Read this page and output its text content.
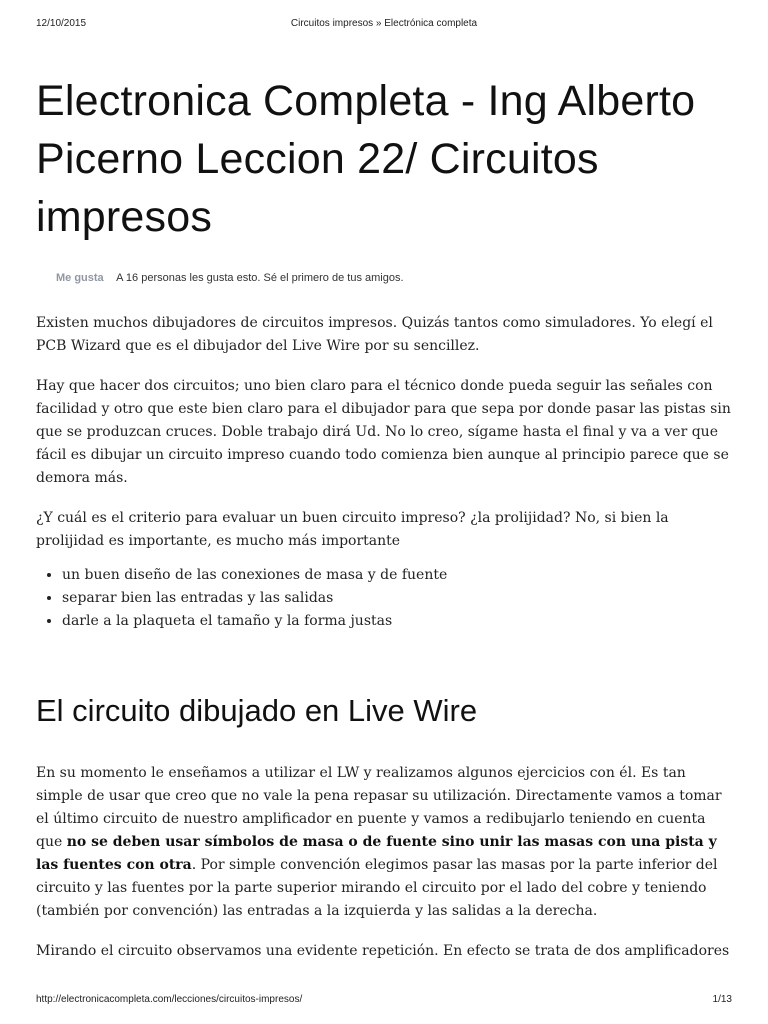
12/10/2015	Circuitos impresos » Electrónica completa
Electronica Completa - Ing Alberto Picerno Leccion 22/ Circuitos impresos
Me gusta A 16 personas les gusta esto. Sé el primero de tus amigos.

Existen muchos dibujadores de circuitos impresos. Quizás tantos como simuladores. Yo elegí el PCB Wizard que es el dibujador del Live Wire por su sencillez.

Hay que hacer dos circuitos; uno bien claro para el técnico donde pueda seguir las señales con facilidad y otro que este bien claro para el dibujador para que sepa por donde pasar las pistas sin que se produzcan cruces. Doble trabajo dirá Ud. No lo creo, sígame hasta el final y va a ver que fácil es dibujar un circuito impreso cuando todo comienza bien aunque al principio parece que se demora más.

¿Y cuál es el criterio para evaluar un buen circuito impreso? ¿la prolijidad? No, si bien la prolijidad es importante, es mucho más importante

• un buen diseño de las conexiones de masa y de fuente
• separar bien las entradas y las salidas
• darle a la plaqueta el tamaño y la forma justas
El circuito dibujado en Live Wire

En su momento le enseñamos a utilizar el LW y realizamos algunos ejercicios con él. Es tan simple de usar que creo que no vale la pena repasar su utilización. Directamente vamos a tomar el último circuito de nuestro amplificador en puente y vamos a redibujarlo teniendo en cuenta que no se deben usar símbolos de masa o de fuente sino unir las masas con una pista y las fuentes con otra. Por simple convención elegimos pasar las masas por la parte inferior del circuito y las fuentes por la parte superior mirando el circuito por el lado del cobre y teniendo (también por convención) las entradas a la izquierda y las salidas a la derecha.

Mirando el circuito observamos una evidente repetición. En efecto se trata de dos amplificadores

http://electronicacompleta.com/lecciones/circuitos-impresos/	1/13
